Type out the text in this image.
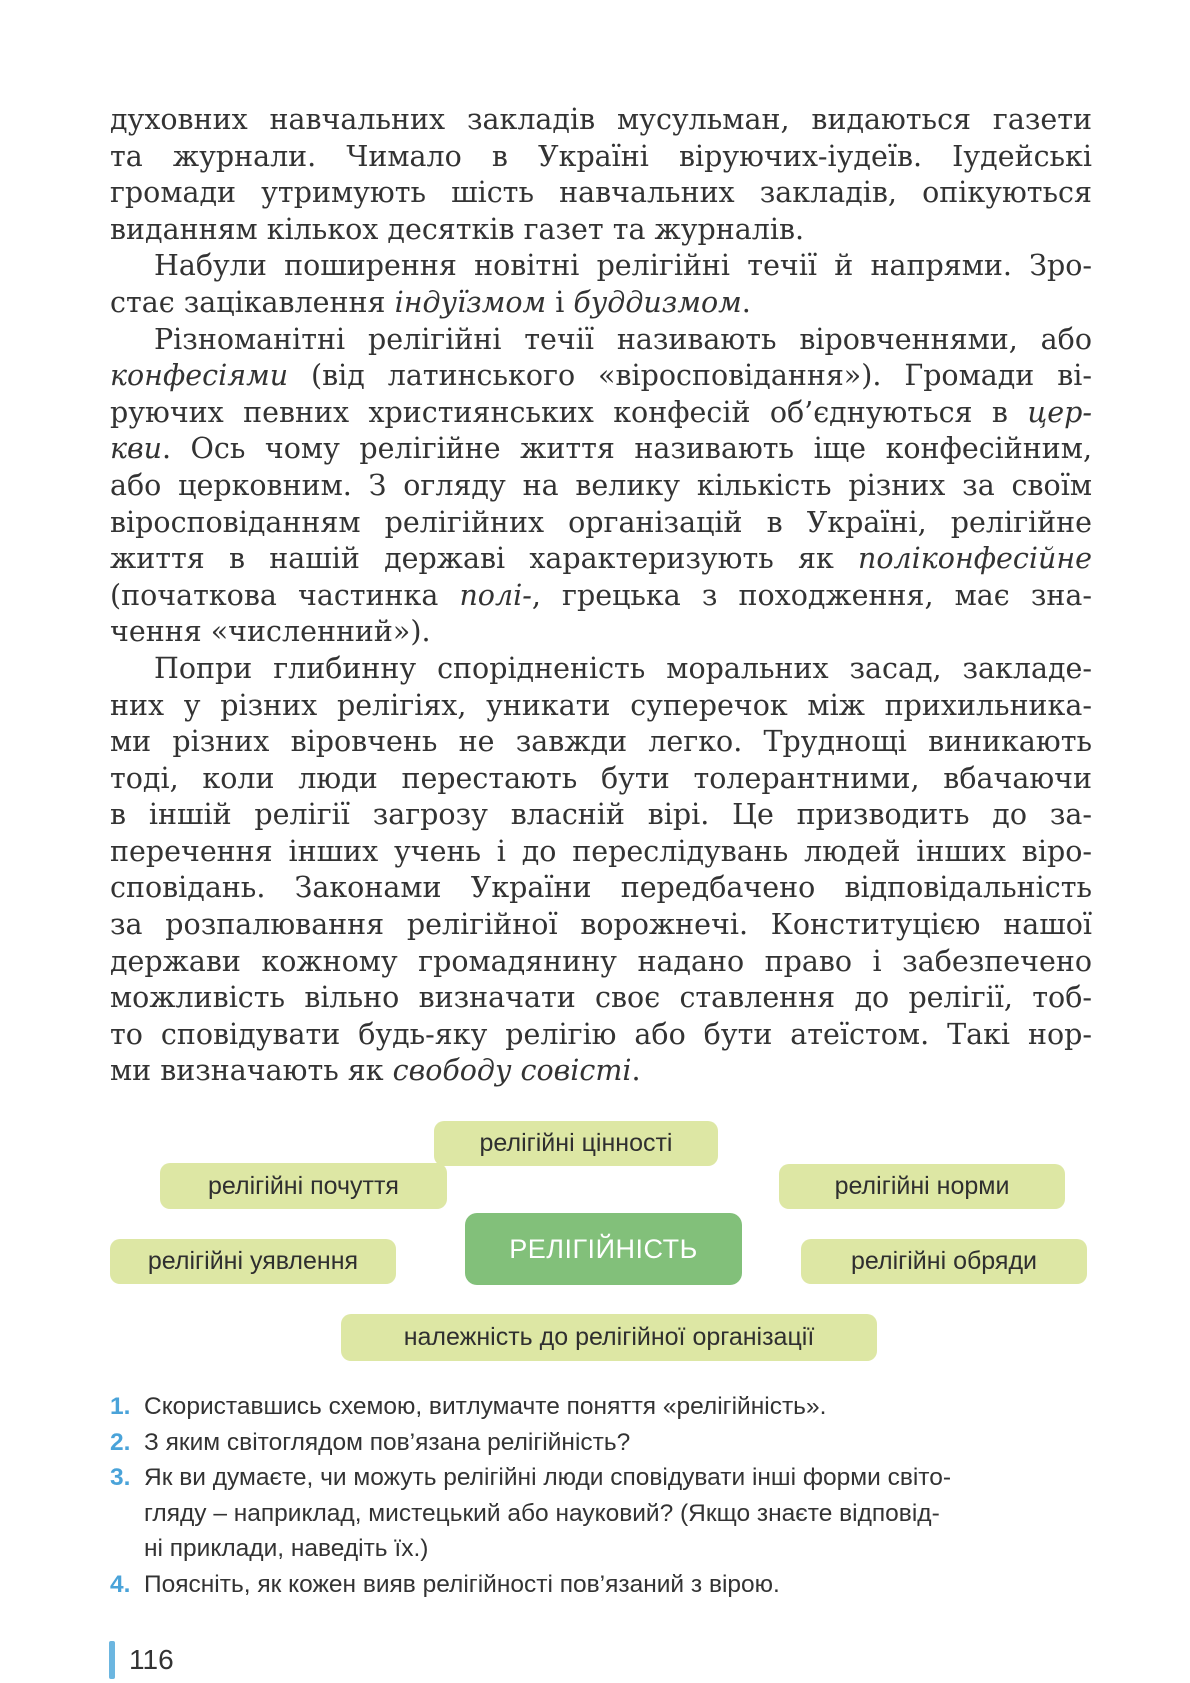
духовних навчальних закладів мусульман, видаються газети
та журнали. Чимало в Україні віруючих-іудеїв. Іудейські
громади утримують шість навчальних закладів, опікуються
виданням кількох десятків газет та журналів.

Набули поширення новітні релігійні течії й напрями. Зро-
стає зацікавлення індуїзмом і буддизмом.

Різноманітні релігійні течії називають віровченнями, або
конфесіями (від латинського «віросповідання»). Громади ві-
руючих певних християнських конфесій об’єднуються в цер-
кви. Ось чому релігійне життя називають іще конфесійним,
або церковним. З огляду на велику кількість різних за своїм
віросповіданням релігійних організацій в Україні, релігійне
життя в нашій державі характеризують як поліконфесійне
(початкова частинка полі-, грецька з походження, має зна-
чення «численний»).

Попри глибинну спорідненість моральних засад, закладе-
них у різних релігіях, уникати суперечок між прихильника-
ми різних віровчень не завжди легко. Труднощі виникають
тоді, коли люди перестають бути толерантними, вбачаючи
в іншій релігії загрозу власній вірі. Це призводить до за-
перечення інших учень і до переслідувань людей інших віро-
сповідань. Законами України передбачено відповідальність
за розпалювання релігійної ворожнечі. Конституцією нашої
держави кожному громадянину надано право і забезпечено
можливість вільно визначати своє ставлення до релігії, тоб-
то сповідувати будь-яку релігію або бути атеїстом. Такі нор-
ми визначають як свободу совісті.

релігійні цінності
релігійні почуття	релігійні норми
РЕЛІГІЙНІСТЬ
релігійні уявлення	релігійні обряди
належність до релігійної організації
1. Скориставшись схемою, витлумачте поняття «релігійність».
2. З яким світоглядом пов’язана релігійність?
3. Як ви думаєте, чи можуть релігійні люди сповідувати інші форми світо-
гляду – наприклад, мистецький або науковий? (Якщо знаєте відповід-
ні приклади, наведіть їх.)
4. Поясніть, як кожен вияв релігійності пов’язаний з вірою.
116
